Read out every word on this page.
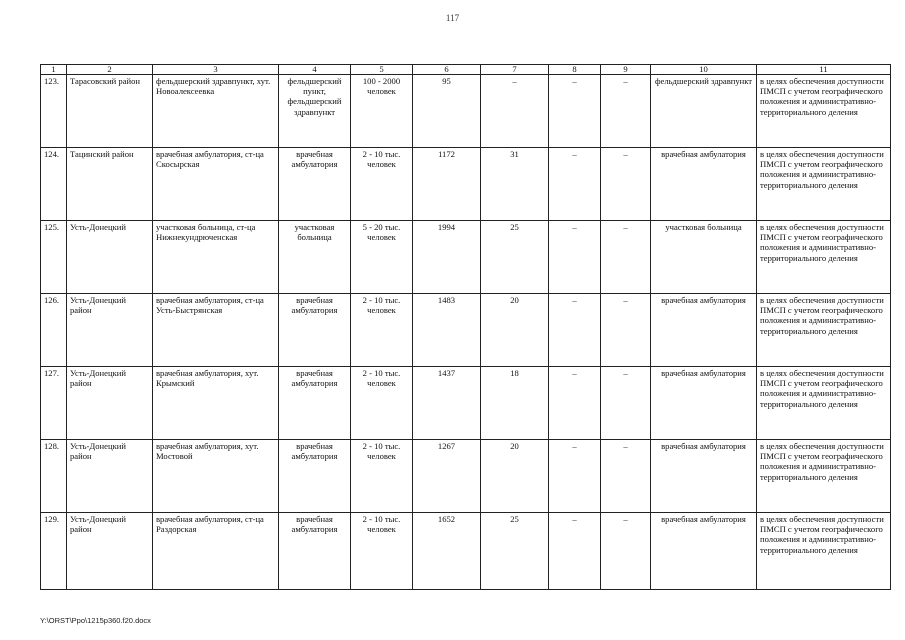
117
1	2	3	4	5	6	7	8	9	10	11
123.	Тарасовский район	фельдшерский здравпункт, хут. Новоалексеевка	фельдшерский пункт, фельдшерский здравпункт	100 - 2000 человек	95	–	–	–	фельдшерский здравпункт	в целях обеспечения доступности ПМСП с учетом географического положения и административно-территориального деления
124.	Тацинский район	врачебная амбулатория, ст-ца Скосырская	врачебная амбулатория	2 - 10 тыс. человек	1172	31	–	–	врачебная амбулатория	в целях обеспечения доступности ПМСП с учетом географического положения и административно-территориального деления
125.	Усть-Донецкий	участковая больница, ст-ца Нижнекундрюченская	участковая больница	5 - 20 тыс. человек	1994	25	–	–	участковая больница	в целях обеспечения доступности ПМСП с учетом географического положения и административно-территориального деления
126.	Усть-Донецкий район	врачебная амбулатория, ст-ца Усть-Быстрянская	врачебная амбулатория	2 - 10 тыс. человек	1483	20	–	–	врачебная амбулатория	в целях обеспечения доступности ПМСП с учетом географического положения и административно-территориального деления
127.	Усть-Донецкий район	врачебная амбулатория, хут. Крымский	врачебная амбулатория	2 - 10 тыс. человек	1437	18	–	–	врачебная амбулатория	в целях обеспечения доступности ПМСП с учетом географического положения и административно-территориального деления
128.	Усть-Донецкий район	врачебная амбулатория, хут. Мостовой	врачебная амбулатория	2 - 10 тыс. человек	1267	20	–	–	врачебная амбулатория	в целях обеспечения доступности ПМСП с учетом географического положения и административно-территориального деления
129.	Усть-Донецкий район	врачебная амбулатория, ст-ца Раздорская	врачебная амбулатория	2 - 10 тыс. человек	1652	25	–	–	врачебная амбулатория	в целях обеспечения доступности ПМСП с учетом географического положения и административно-территориального деления
Y:\ORST\Ppo\1215p360.f20.docx
